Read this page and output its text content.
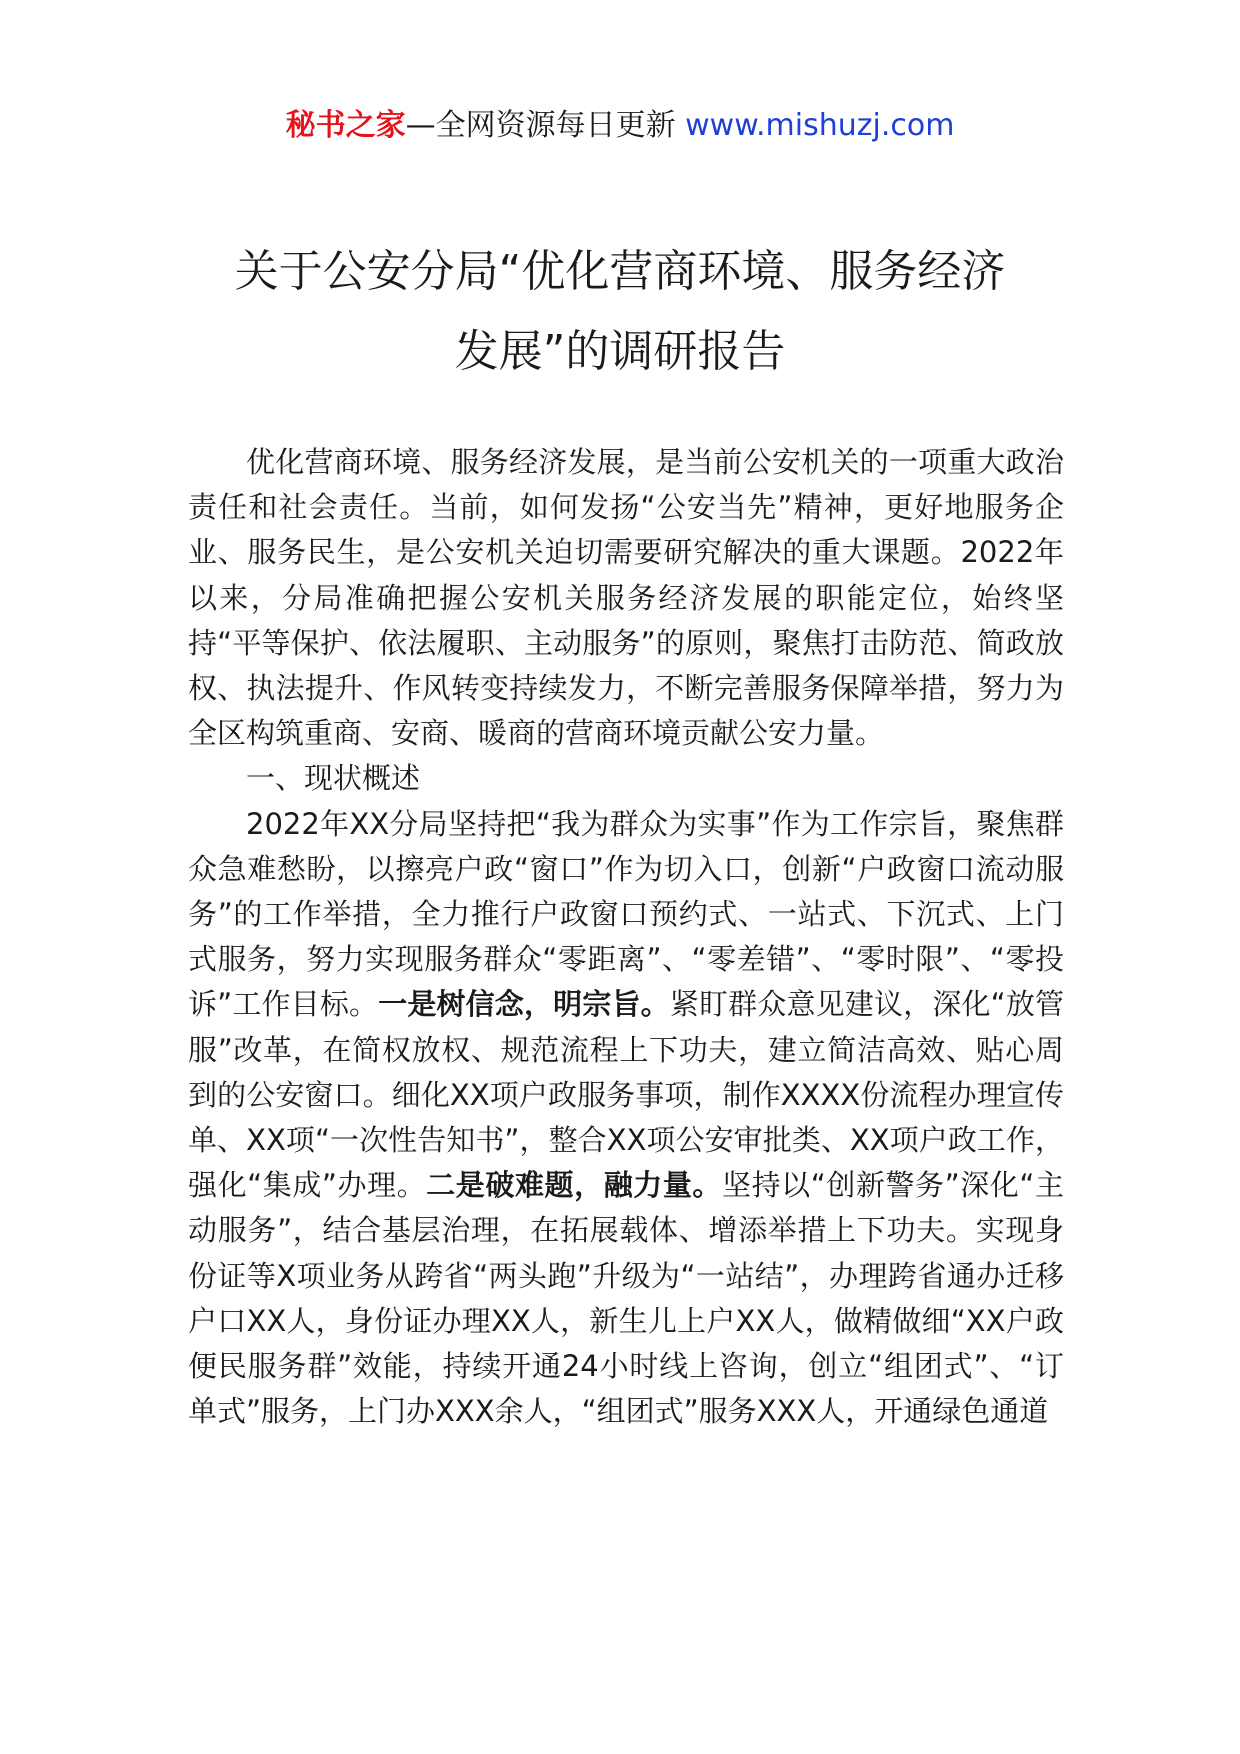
秘书之家—全网资源每日更新 www.mishuzj.com
关于公安分局“优化营商环境、服务经济
发展”的调研报告

优化营商环境、服务经济发展，是当前公安机关的一项重大政治责任和社会责任。当前，如何发扬“公安当先”精神，更好地服务企业、服务民生，是公安机关迫切需要研究解决的重大课题。2022年以来，分局准确把握公安机关服务经济发展的职能定位，始终坚持“平等保护、依法履职、主动服务”的原则，聚焦打击防范、简政放权、执法提升、作风转变持续发力，不断完善服务保障举措，努力为全区构筑重商、安商、暖商的营商环境贡献公安力量。

一、现状概述

2022年XX分局坚持把“我为群众为实事”作为工作宗旨，聚焦群众急难愁盼，以擦亮户政“窗口”作为切入口，创新“户政窗口流动服务”的工作举措，全力推行户政窗口预约式、一站式、下沉式、上门式服务，努力实现服务群众“零距离”、“零差错”、“零时限”、“零投诉”工作目标。一是树信念，明宗旨。紧盯群众意见建议，深化“放管服”改革，在简权放权、规范流程上下功夫，建立简洁高效、贴心周到的公安窗口。细化XX项户政服务事项，制作XXXX份流程办理宣传单、XX项“一次性告知书”，整合XX项公安审批类、XX项户政工作，强化“集成”办理。二是破难题，融力量。坚持以“创新警务”深化“主动服务”，结合基层治理，在拓展载体、增添举措上下功夫。实现身份证等X项业务从跨省“两头跑”升级为“一站结”，办理跨省通办迁移户口XX人，身份证办理XX人，新生儿上户XX人，做精做细“XX户政便民服务群”效能，持续开通24小时线上咨询，创立“组团式”、“订单式”服务，上门办XXX余人，“组团式”服务XXX人，开通绿色通道
